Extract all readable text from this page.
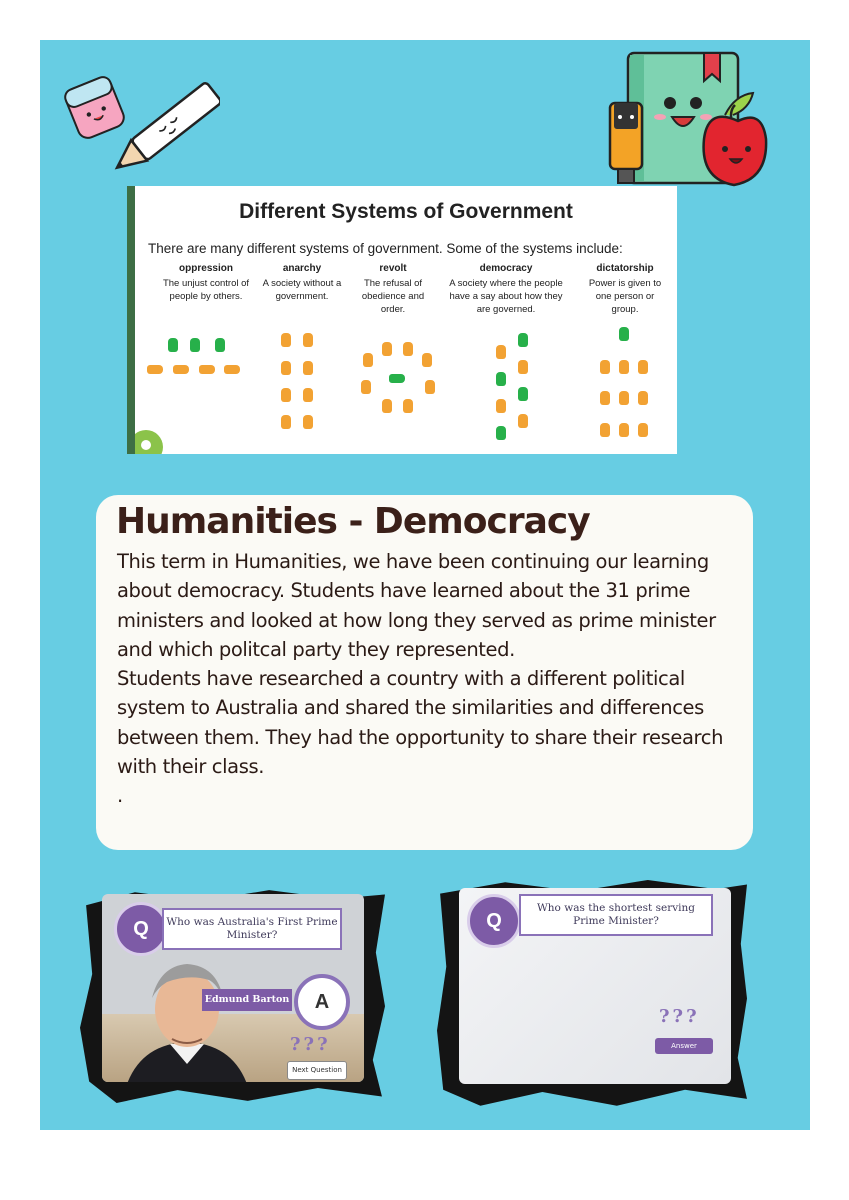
Different Systems of Government
There are many different systems of government. Some of the systems include:
oppression
The unjust control of people by others.
anarchy
A society without a government.
revolt
The refusal of obedience and order.
democracy
A society where the people have a say about how they are governed.
dictatorship
Power is given to one person or group.
Humanities - Democracy

This term in Humanities, we have been continuing our learning about democracy. Students have learned about the 31 prime ministers and looked at how long they served as prime minister and which politcal party they represented.

Students have researched a country with a different political system to Australia and shared the similarities and differences between them. They had the opportunity to share their research with their class.

.

Q	Who was Australia's First Prime Minister?
Edmund Barton	A
???
Next Question
Q
Who was the shortest serving Prime Minister?
???
Answer
